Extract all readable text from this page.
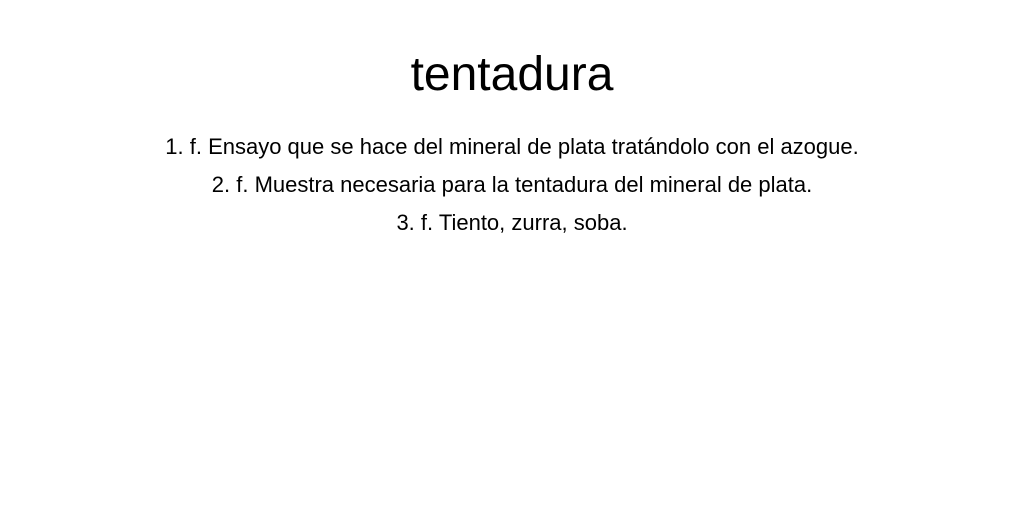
tentadura
1. f. Ensayo que se hace del mineral de plata tratándolo con el azogue.
2. f. Muestra necesaria para la tentadura del mineral de plata.
3. f. Tiento, zurra, soba.
